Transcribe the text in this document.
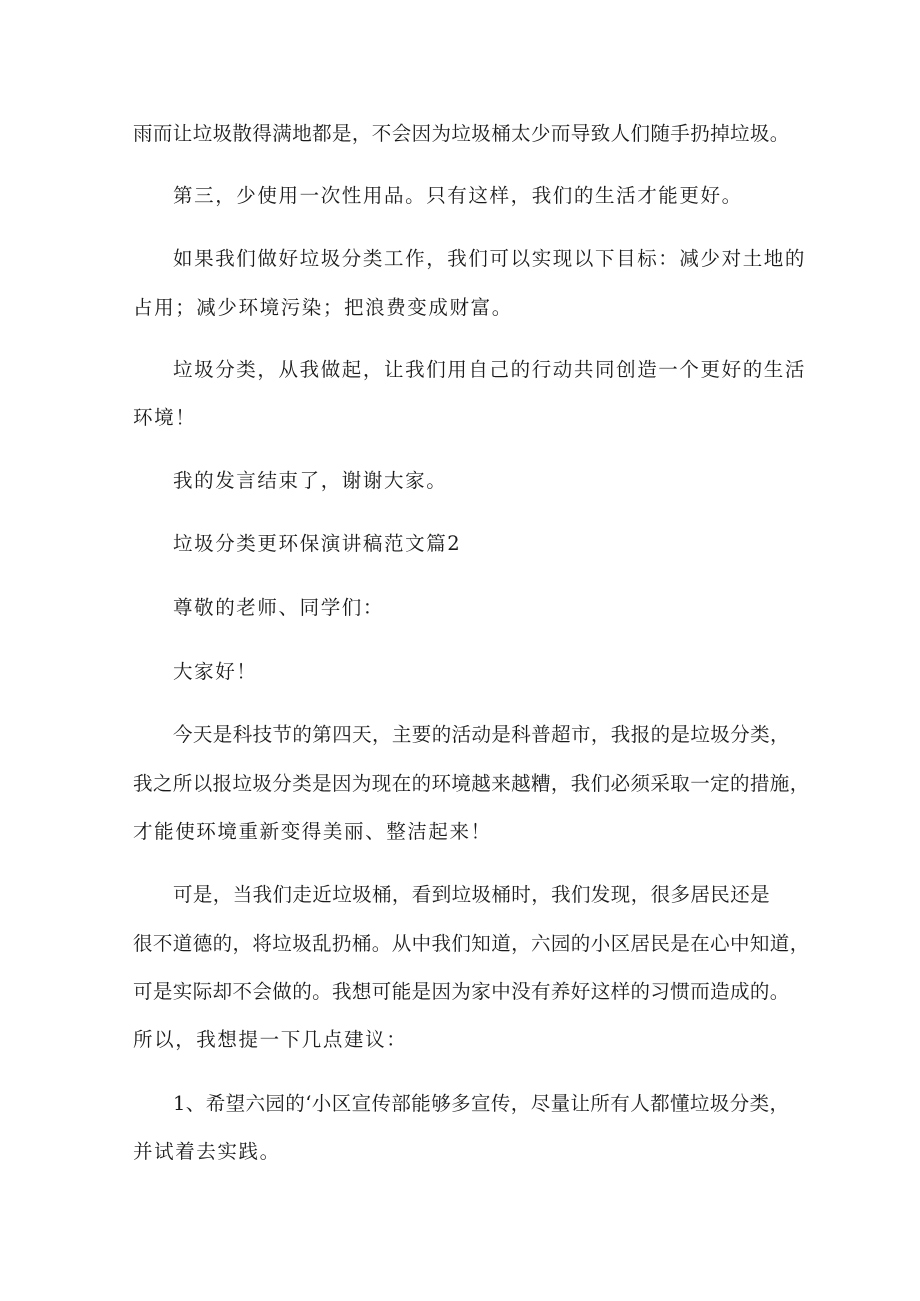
雨而让垃圾散得满地都是，不会因为垃圾桶太少而导致人们随手扔掉垃圾。
第三，少使用一次性用品。只有这样，我们的生活才能更好。
如果我们做好垃圾分类工作，我们可以实现以下目标：减少对土地的
占用；减少环境污染；把浪费变成财富。
垃圾分类，从我做起，让我们用自己的行动共同创造一个更好的生活
环境！
我的发言结束了，谢谢大家。
垃圾分类更环保演讲稿范文篇2
尊敬的老师、同学们：
大家好！
今天是科技节的第四天，主要的活动是科普超市，我报的是垃圾分类，
我之所以报垃圾分类是因为现在的环境越来越糟，我们必须采取一定的措施，
才能使环境重新变得美丽、整洁起来！
可是，当我们走近垃圾桶，看到垃圾桶时，我们发现，很多居民还是
很不道德的，将垃圾乱扔桶。从中我们知道，六园的小区居民是在心中知道，
可是实际却不会做的。我想可能是因为家中没有养好这样的习惯而造成的。
所以，我想提一下几点建议：
1、希望六园的‘小区宣传部能够多宣传，尽量让所有人都懂垃圾分类，
并试着去实践。
